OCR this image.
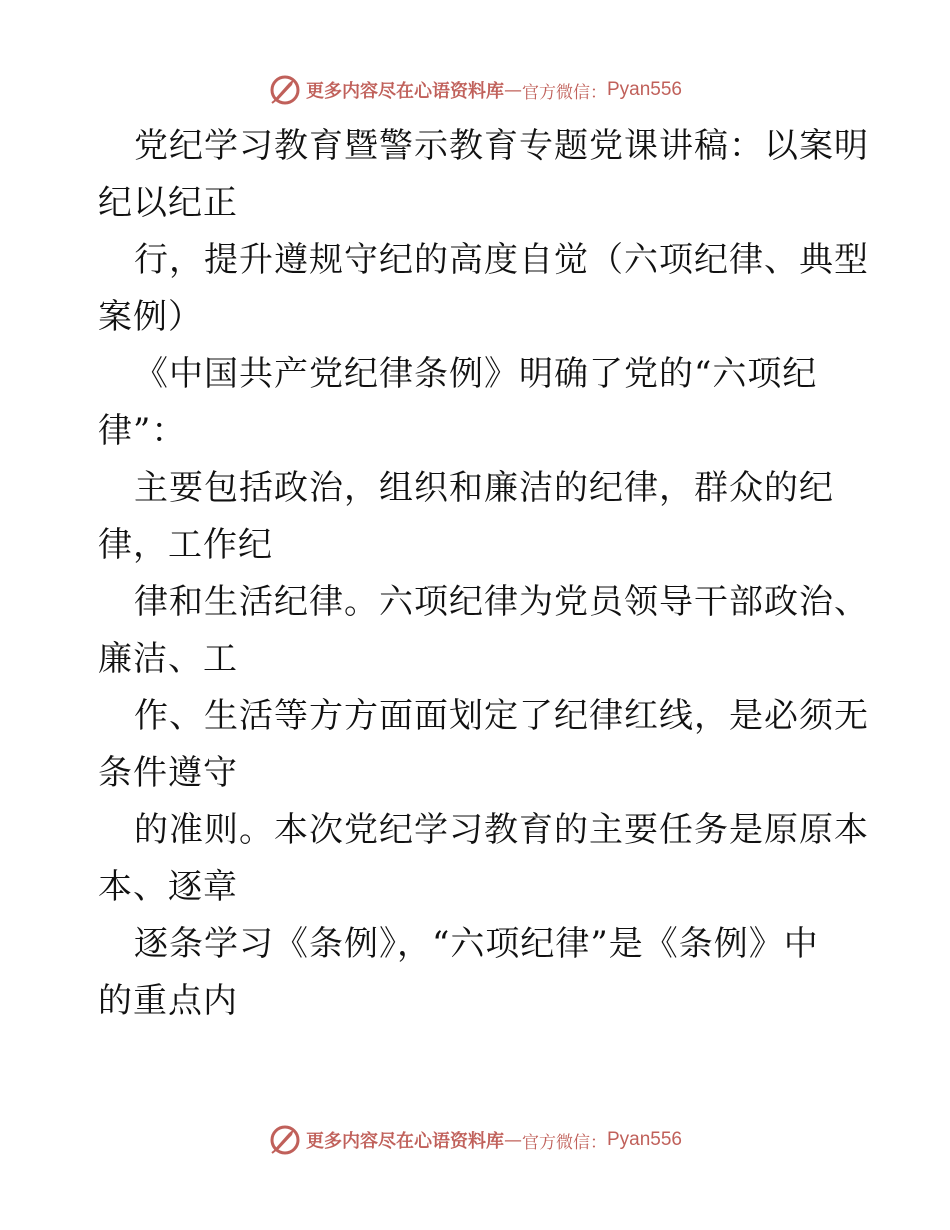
更多内容尽在心语资料库 — 官方微信： Pyan556
党纪学习教育暨警示教育专题党课讲稿：以案明
纪以纪正
行，提升遵规守纪的高度自觉（六项纪律、典型
案例）
《中国共产党纪律条例》明确了党的“六项纪
律”：
主要包括政治，组织和廉洁的纪律，群众的纪
律，工作纪
律和生活纪律。六项纪律为党员领导干部政治、
廉洁、工
作、生活等方方面面划定了纪律红线，是必须无
条件遵守
的准则。本次党纪学习教育的主要任务是原原本
本、逐章
逐条学习《条例》，“六项纪律”是《条例》中
的重点内
更多内容尽在心语资料库 — 官方微信： Pyan556
